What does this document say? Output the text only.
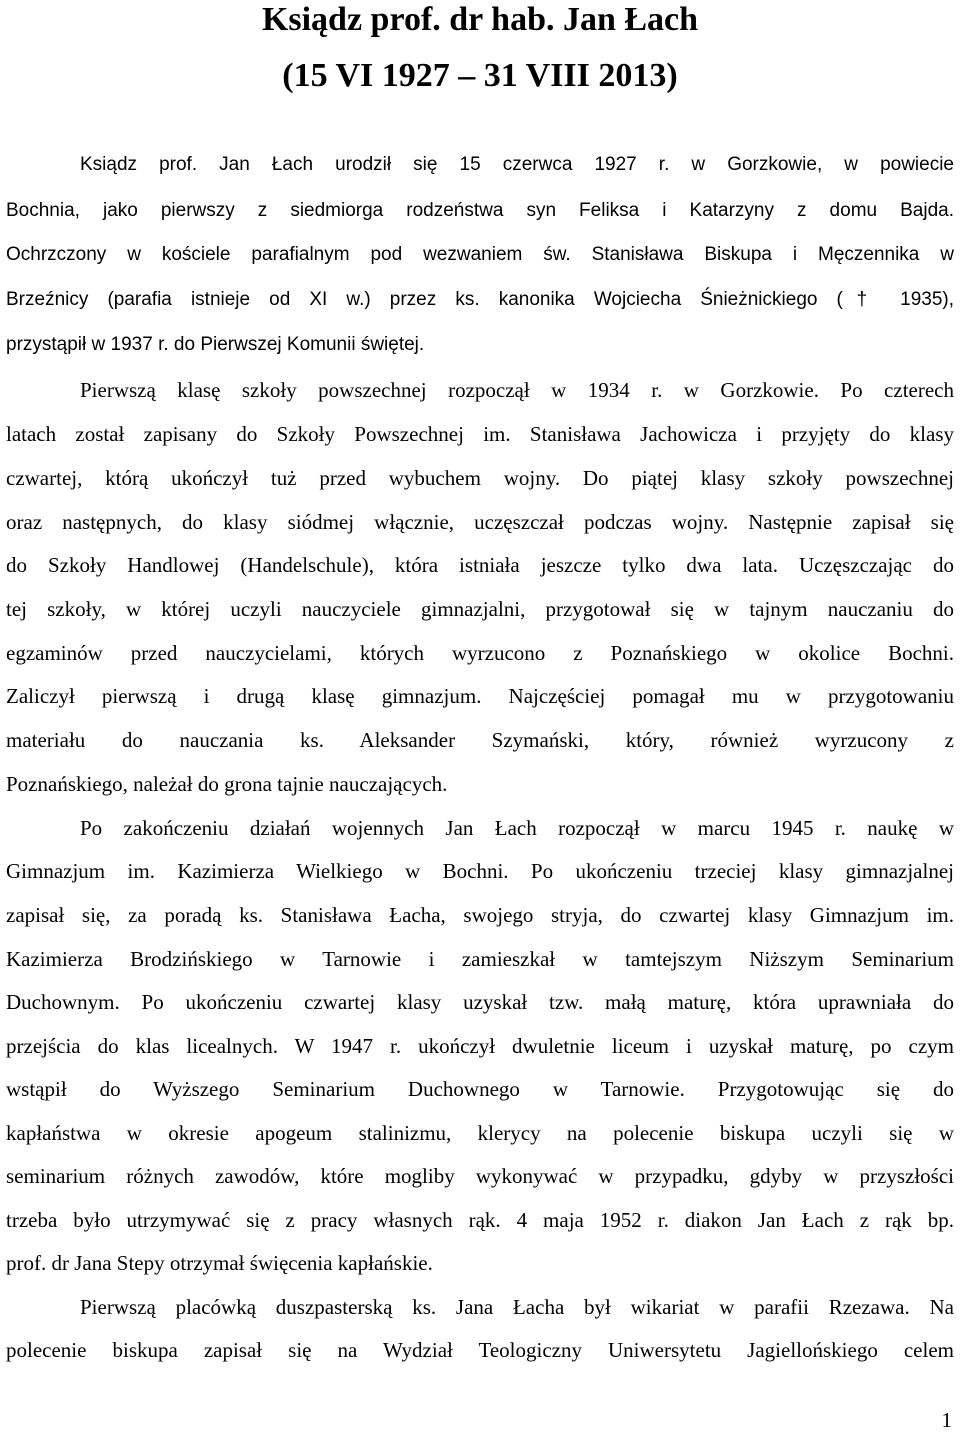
Ksiądz prof. dr hab. Jan Łach
(15 VI 1927 – 31 VIII 2013)
Ksiądz prof. Jan Łach urodził się 15 czerwca 1927 r. w Gorzkowie, w powiecie
Bochnia, jako pierwszy z siedmiorga rodzeństwa syn Feliksa i Katarzyny z domu Bajda.
Ochrzczony w kościele parafialnym pod wezwaniem św. Stanisława Biskupa i Męczennika w
Brzeźnicy (parafia istnieje od XI w.) przez ks. kanonika Wojciecha Śnieżnickiego († 1935),
przystąpił w 1937 r. do Pierwszej Komunii świętej.
Pierwszą klasę szkoły powszechnej rozpoczął w 1934 r. w Gorzkowie. Po czterech
latach został zapisany do Szkoły Powszechnej im. Stanisława Jachowicza i przyjęty do klasy
czwartej, którą ukończył tuż przed wybuchem wojny. Do piątej klasy szkoły powszechnej
oraz następnych, do klasy siódmej włącznie, uczęszczał podczas wojny. Następnie zapisał się
do Szkoły Handlowej (Handelschule), która istniała jeszcze tylko dwa lata. Uczęszczając do
tej szkoły, w której uczyli nauczyciele gimnazjalni, przygotował się w tajnym nauczaniu do
egzaminów przed nauczycielami, których wyrzucono z Poznańskiego w okolice Bochni.
Zaliczył pierwszą i drugą klasę gimnazjum. Najczęściej pomagał mu w przygotowaniu
materiału do nauczania ks. Aleksander Szymański, który, również wyrzucony z
Poznańskiego, należał do grona tajnie nauczających.
Po zakończeniu działań wojennych Jan Łach rozpoczął w marcu 1945 r. naukę w
Gimnazjum im. Kazimierza Wielkiego w Bochni. Po ukończeniu trzeciej klasy gimnazjalnej
zapisał się, za poradą ks. Stanisława Łacha, swojego stryja, do czwartej klasy Gimnazjum im.
Kazimierza Brodzińskiego w Tarnowie i zamieszkał w tamtejszym Niższym Seminarium
Duchownym. Po ukończeniu czwartej klasy uzyskał tzw. małą maturę, która uprawniała do
przejścia do klas licealnych. W 1947 r. ukończył dwuletnie liceum i uzyskał maturę, po czym
wstąpił do Wyższego Seminarium Duchownego w Tarnowie. Przygotowując się do
kapłaństwa w okresie apogeum stalinizmu, klerycy na polecenie biskupa uczyli się w
seminarium różnych zawodów, które mogliby wykonywać w przypadku, gdyby w przyszłości
trzeba było utrzymywać się z pracy własnych rąk. 4 maja 1952 r. diakon Jan Łach z rąk bp.
prof. dr Jana Stepy otrzymał święcenia kapłańskie.
Pierwszą placówką duszpasterską ks. Jana Łacha był wikariat w parafii Rzezawa. Na
polecenie biskupa zapisał się na Wydział Teologiczny Uniwersytetu Jagiellońskiego celem
1
